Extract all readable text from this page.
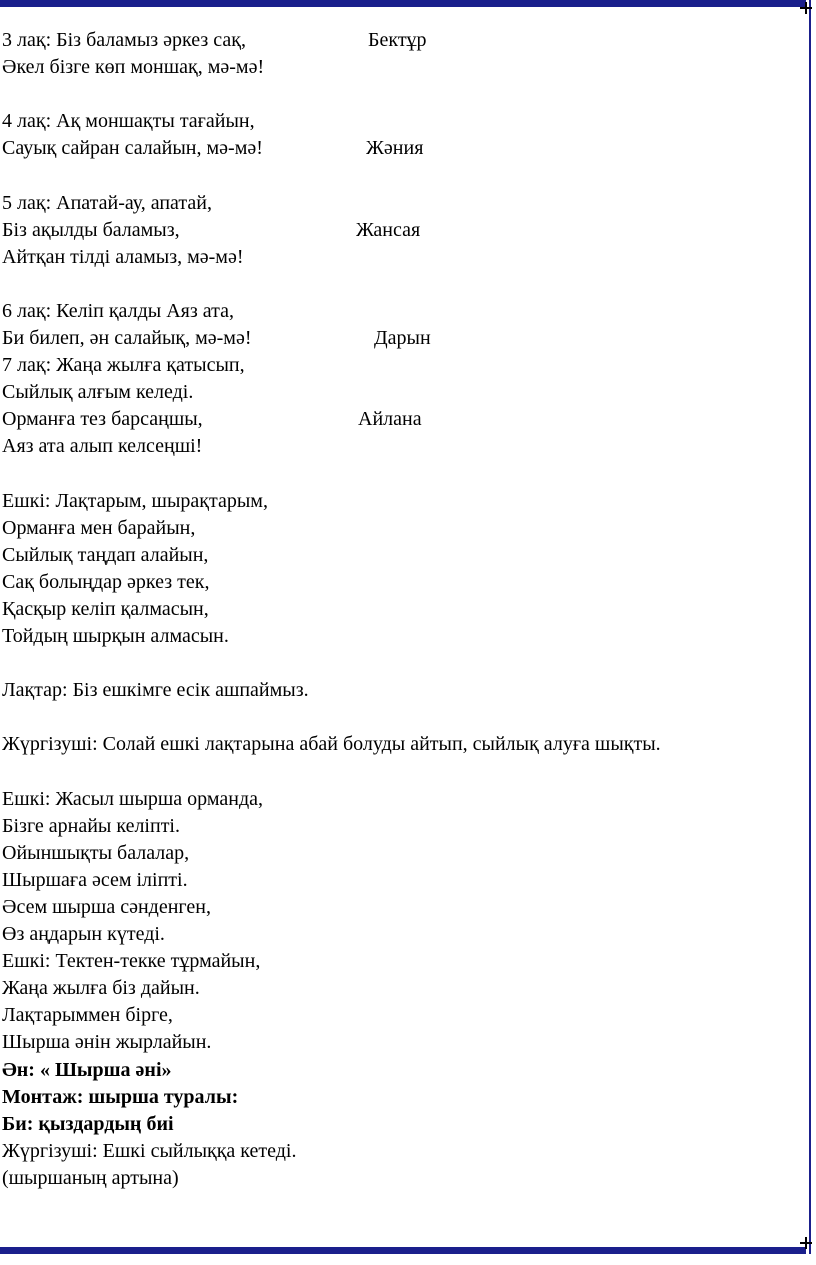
3 лақ: Біз баламыз әркез сақ,	Бектұр
Әкел бізге көп моншақ, мә-мә!
4 лақ: Ақ моншақты тағайын,
Сауық сайран салайын, мә-мә!	Жәния
5 лақ: Апатай-ау, апатай,
Біз ақылды баламыз,	Жансая
Айтқан тілді аламыз, мә-мә!
6 лақ: Келіп қалды Аяз ата,
Би билеп, ән салайық, мә-мә!	Дарын
7 лақ: Жаңа жылға қатысып,
Сыйлық алғым келеді.
Орманға тез барсаңшы,	Айлана
Аяз ата алып келсеңші!
Ешкі: Лақтарым, шырақтарым,
Орманға мен барайын,
Сыйлық таңдап алайын,
Сақ болыңдар әркез тек,
Қасқыр келіп қалмасын,
Тойдың шырқын алмасын.
Лақтар: Біз ешкімге есік ашпаймыз.
Жүргізуші: Солай ешкі лақтарына абай болуды айтып, сыйлық алуға шықты.
Ешкі: Жасыл шырша орманда,
Бізге арнайы келіпті.
Ойыншықты балалар,
Шыршаға әсем іліпті.
Әсем шырша сәнденген,
Өз аңдарын күтеді.
Ешкі: Тектен-текке тұрмайын,
Жаңа жылға біз дайын.
Лақтарыммен бірге,
Шырша әнін жырлайын.
Ән: « Шырша әні»
Монтаж: шырша туралы:
Би: қыздардың биі
Жүргізуші: Ешкі сыйлыққа кетеді.
(шыршаның артына)
